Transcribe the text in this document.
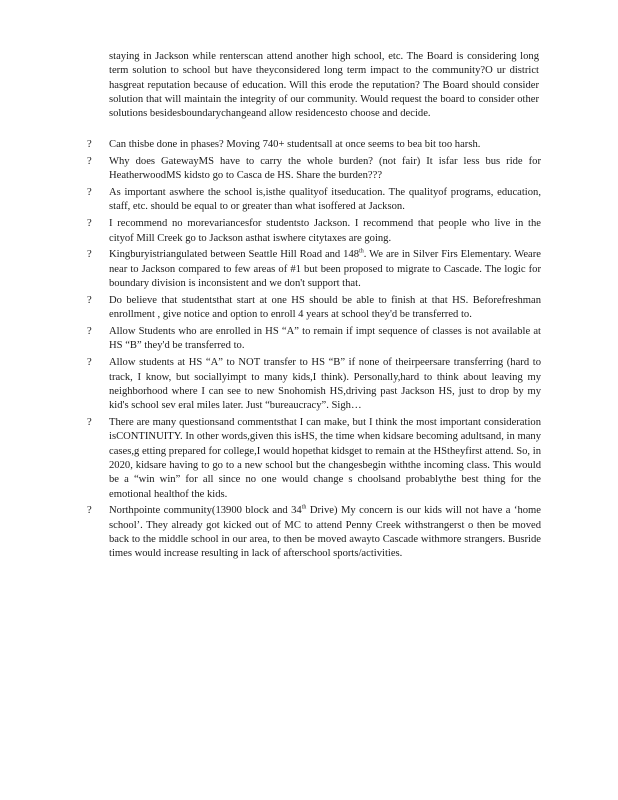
staying in Jackson while renterscan attend another high school, etc. The Board is considering long term solution to school but have theyconsidered long term impact to the community?O ur district hasgreat reputation because of education. Will this erode the reputation? The Board should consider solution that will maintain the integrity of our community. Would request the board to consider other solutions besidesboundarychangeand allow residencesto choose and decide.
?	Can thisbe done in phases? Moving 740+ studentsall at once seems to bea bit too harsh.
?	Why does GatewayMS have to carry the whole burden? (not fair) It isfar less bus ride for HeatherwoodMS kidsto go to Casca de HS. Share the burden???
?	As important aswhere the school is,isthe qualityof itseducation. The qualityof programs, education, staff, etc. should be equal to or greater than what isoffered at Jackson.
?	I recommend no morevariancesfor studentsto Jackson. I recommend that people who live in the cityof Mill Creek go to Jackson asthat iswhere citytaxes are going.
?	Kingburyistriangulated between Seattle Hill Road and 148th. We are in Silver Firs Elementary. Weare near to Jackson compared to few areas of #1 but been proposed to migrate to Cascade. The logic for boundary division is inconsistent and we don't support that.
?	Do believe that studentsthat start at one HS should be able to finish at that HS. Beforefreshman enrollment , give notice and option to enroll 4 years at school they'd be transferred to.
?	Allow Students who are enrolled in HS “A” to remain if impt sequence of classes is not available at HS “B” they'd be transferred to.
?	Allow students at HS “A” to NOT transfer to HS “B” if none of theirpeersare transferring (hard to track, I know, but sociallyimpt to many kids,I think). Personally,hard to think about leaving my neighborhood where I can see to new Snohomish HS,driving past Jackson HS, just to drop by my kid's school sev eral miles later. Just “bureaucracy”. Sigh…
?	There are many questionsand commentsthat I can make, but I think the most important consideration isCONTINUITY. In other words,given this isHS, the time when kidsare becoming adultsand, in many cases,g etting prepared for college,I would hopethat kidsget to remain at the HStheyfirst attend. So, in 2020, kidsare having to go to a new school but the changesbegin withthe incoming class. This would be a “win win” for all since no one would change s choolsand probablythe best thing for the emotional healthof the kids.
?	Northpointe community(13900 block and 34th Drive) My concern is our kids will not have a ‘home school’. They already got kicked out of MC to attend Penny Creek withstrangerst o then be moved back to the middle school in our area, to then be moved awayto Cascade withmore strangers. Busride times would increase resulting in lack of afterschool sports/activities.
